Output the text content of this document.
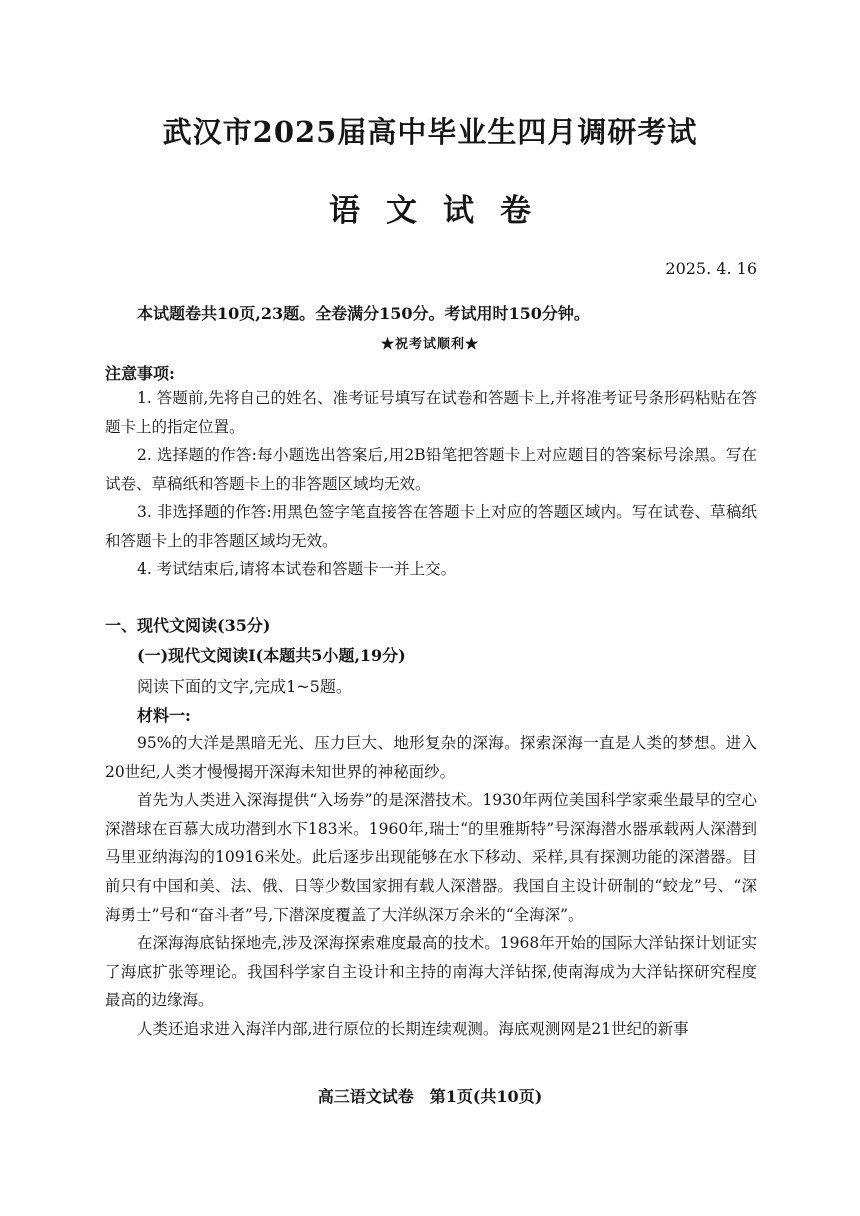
武汉市2025届高中毕业生四月调研考试
语文试卷
2025. 4. 16
本试题卷共10页,23题。全卷满分150分。考试用时150分钟。
★祝考试顺利★
注意事项:

1. 答题前,先将自己的姓名、准考证号填写在试卷和答题卡上,并将准考证号条形码粘贴在答题卡上的指定位置。

2. 选择题的作答:每小题选出答案后,用2B铅笔把答题卡上对应题目的答案标号涂黑。写在试卷、草稿纸和答题卡上的非答题区域均无效。

3. 非选择题的作答:用黑色签字笔直接答在答题卡上对应的答题区域内。写在试卷、草稿纸和答题卡上的非答题区域均无效。

4. 考试结束后,请将本试卷和答题卡一并上交。

一、现代文阅读(35分)
(一)现代文阅读Ⅰ(本题共5小题,19分)
阅读下面的文字,完成1~5题。
材料一:

95%的大洋是黑暗无光、压力巨大、地形复杂的深海。探索深海一直是人类的梦想。进入20世纪,人类才慢慢揭开深海未知世界的神秘面纱。

首先为人类进入深海提供“入场券”的是深潜技术。1930年两位美国科学家乘坐最早的空心深潜球在百慕大成功潜到水下183米。1960年,瑞士“的里雅斯特”号深海潜水器承载两人深潜到马里亚纳海沟的10916米处。此后逐步出现能够在水下移动、采样,具有探测功能的深潜器。目前只有中国和美、法、俄、日等少数国家拥有载人深潜器。我国自主设计研制的“蛟龙”号、“深海勇士”号和“奋斗者”号,下潜深度覆盖了大洋纵深万余米的“全海深”。

在深海海底钻探地壳,涉及深海探索难度最高的技术。1968年开始的国际大洋钻探计划证实了海底扩张等理论。我国科学家自主设计和主持的南海大洋钻探,使南海成为大洋钻探研究程度最高的边缘海。

人类还追求进入海洋内部,进行原位的长期连续观测。海底观测网是21世纪的新事

高三语文试卷　第1页(共10页)
